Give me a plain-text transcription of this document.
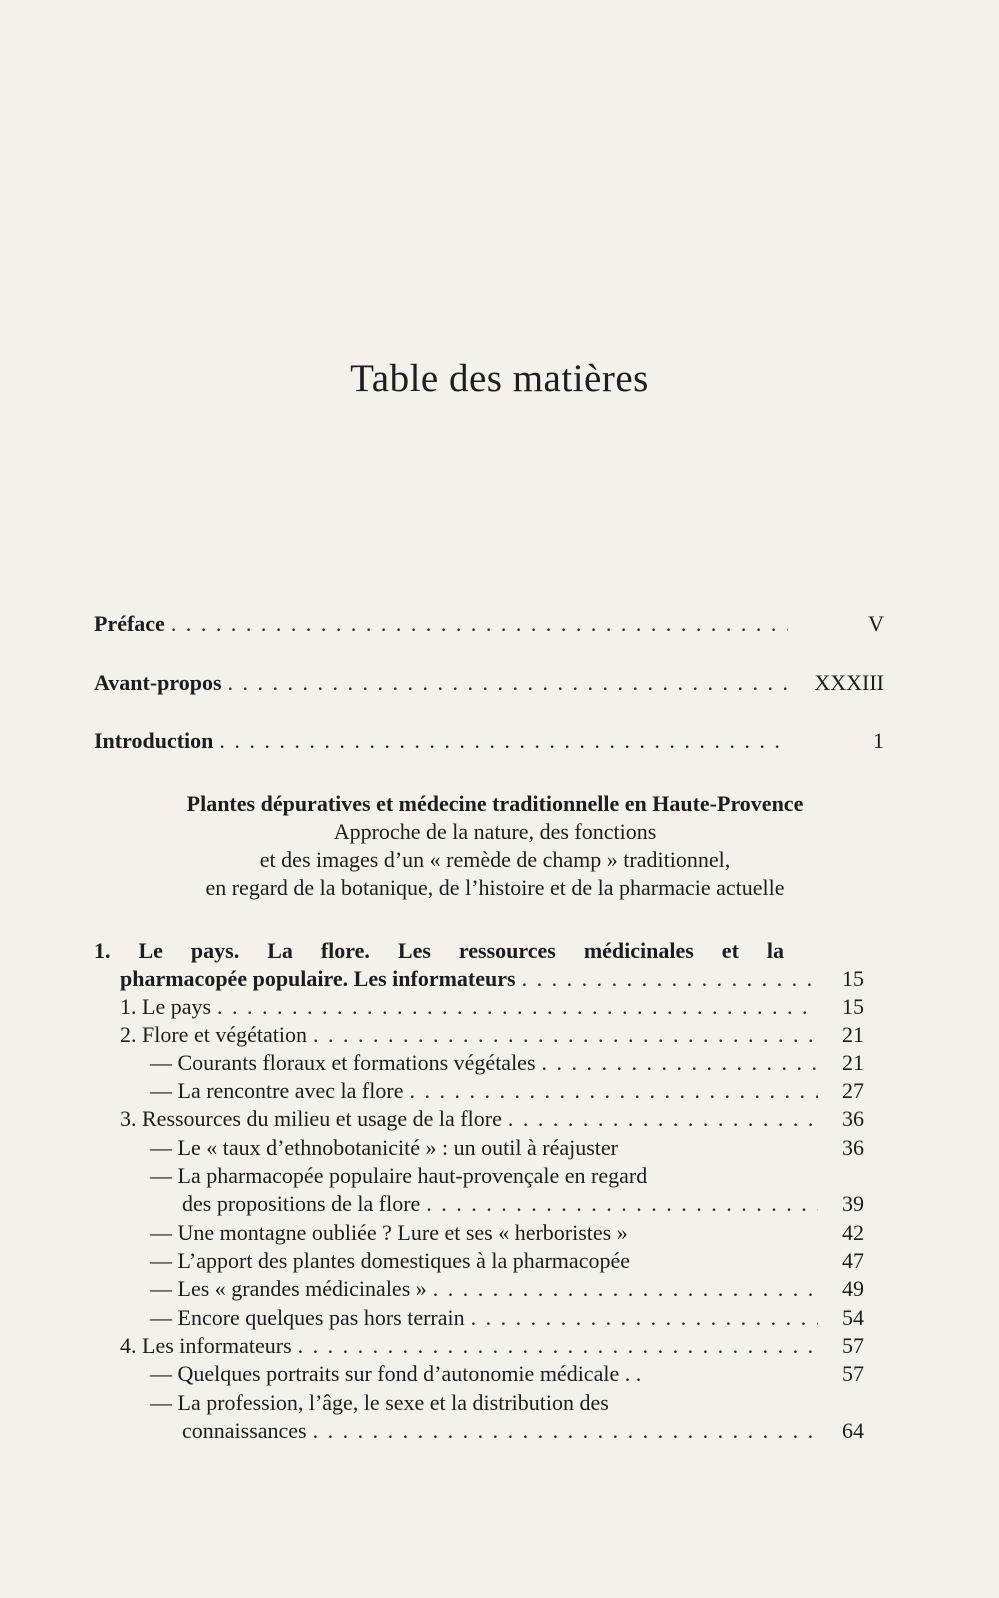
Table des matières
Préface . . .	V
Avant-propos . . .	XXXIII
Introduction . . .	1
Plantes dépuratives et médecine traditionnelle en Haute-Provence
Approche de la nature, des fonctions
et des images d’un « remède de champ » traditionnel,
en regard de la botanique, de l’histoire et de la pharmacie actuelle
1. Le pays. La flore. Les ressources médicinales et la
pharmacopée populaire. Les informateurs . . .	15
1. Le pays . . .	15
2. Flore et végétation . . .	21
— Courants floraux et formations végétales . . .	21
— La rencontre avec la flore . . .	27
3. Ressources du milieu et usage de la flore . . .	36
— Le « taux d’ethnobotanicité » : un outil à réajuster	36
— La pharmacopée populaire haut-provençale en regard
des propositions de la flore . . .	39
— Une montagne oubliée ? Lure et ses « herboristes »	42
— L’apport des plantes domestiques à la pharmacopée	47
— Les « grandes médicinales » . . .	49
— Encore quelques pas hors terrain . . .	54
4. Les informateurs . . .	57
— Quelques portraits sur fond d’autonomie médicale . .	57
— La profession, l’âge, le sexe et la distribution des
connaissances . . .	64
